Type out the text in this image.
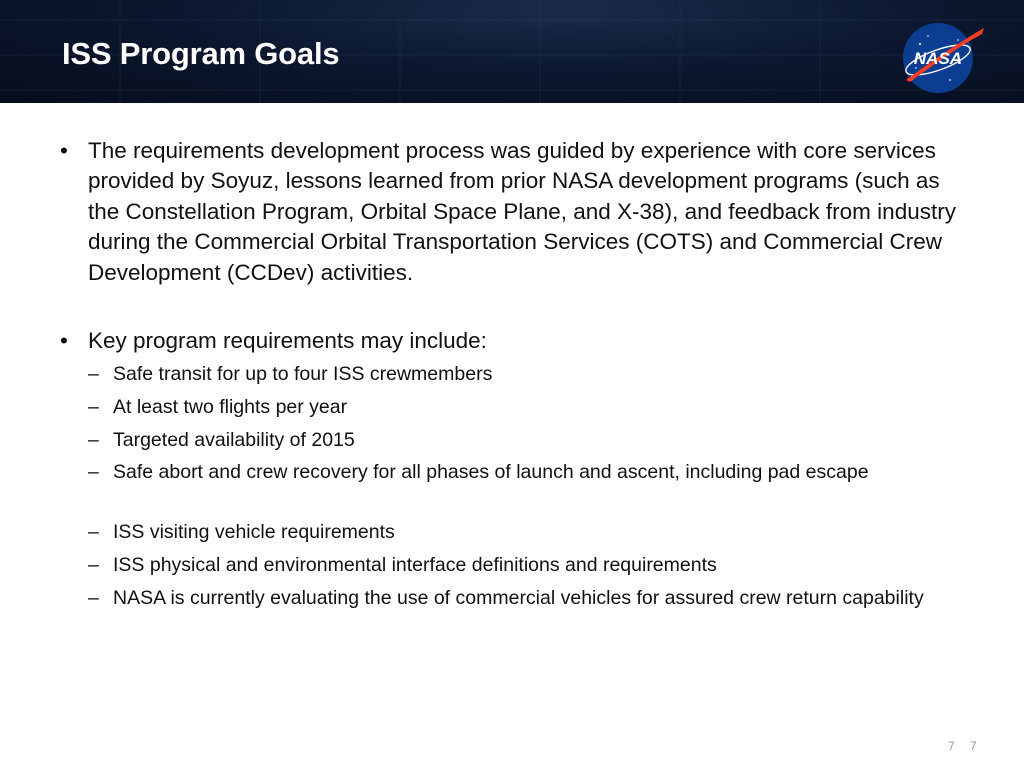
ISS Program Goals	NASA
• The requirements development process was guided by experience with core services provided by Soyuz, lessons learned from prior NASA development programs (such as the Constellation Program, Orbital Space Plane, and X-38), and feedback from industry during the Commercial Orbital Transportation Services (COTS) and Commercial Crew Development (CCDev) activities.
• Key program requirements may include:
– Safe transit for up to four ISS crewmembers
– At least two flights per year
– Targeted availability of 2015
– Safe abort and crew recovery for all phases of launch and ascent, including pad escape
– ISS visiting vehicle requirements
– ISS physical and environmental interface definitions and requirements
– NASA is currently evaluating the use of commercial vehicles for assured crew return capability
7 7
